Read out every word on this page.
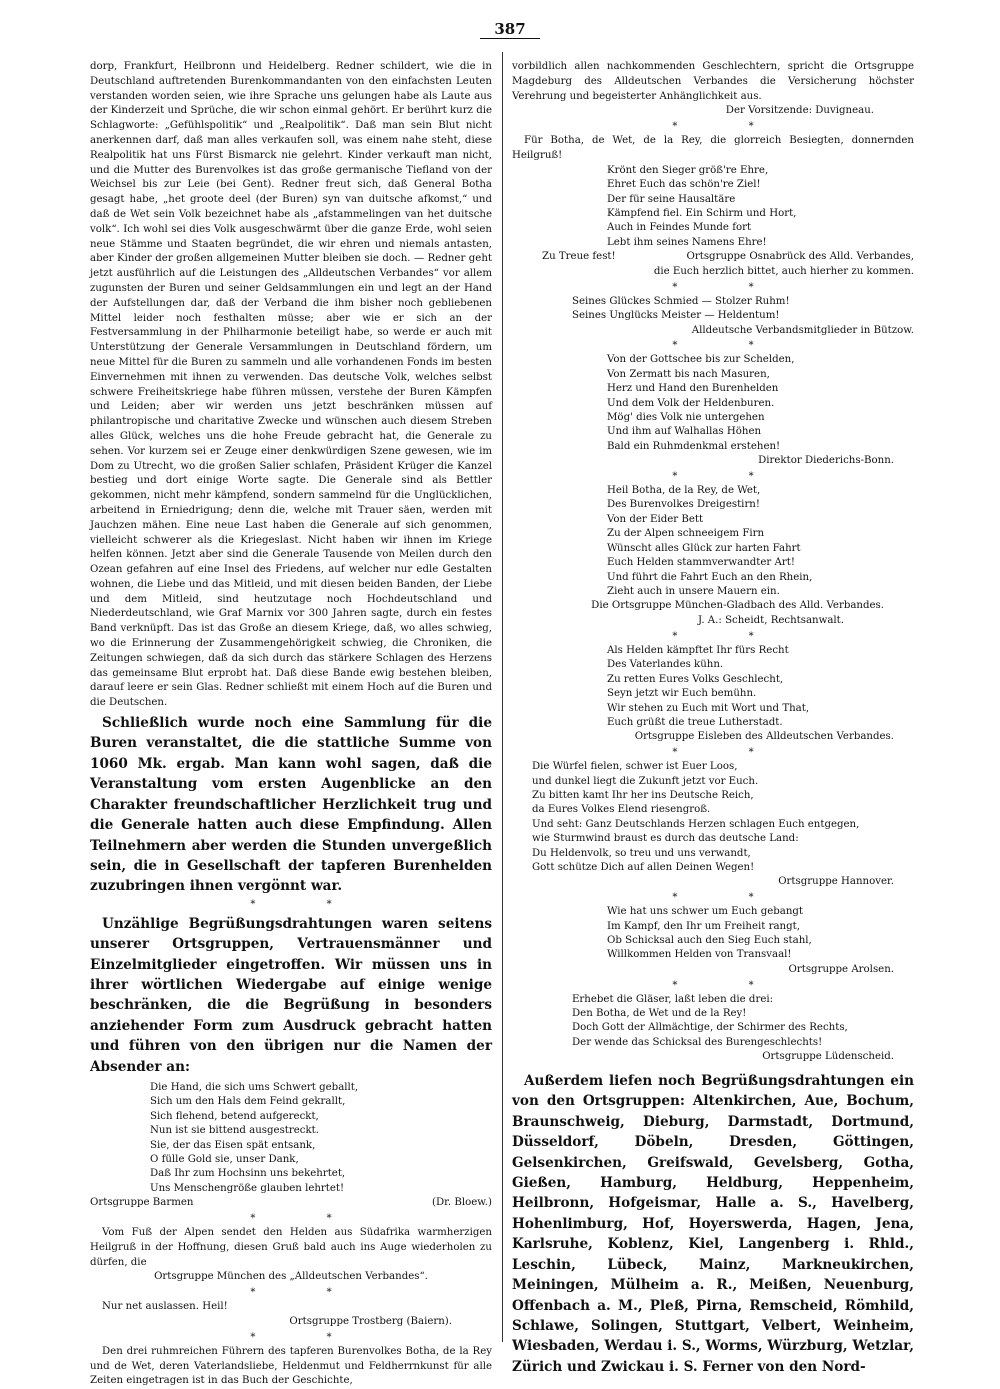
387

dorp, Frankfurt, Heilbronn und Heidelberg. Redner schildert, wie die in Deutschland auftretenden Burenkommandanten von den einfachsten Leuten verstanden worden seien, wie ihre Sprache uns gelungen habe als Laute aus der Kinderzeit und Sprüche, die wir schon einmal gehört. Er berührt kurz die Schlagworte: „Gefühlspolitik“ und „Realpolitik“. Daß man sein Blut nicht anerkennen darf, daß man alles verkaufen soll, was einem nahe steht, diese Realpolitik hat uns Fürst Bismarck nie gelehrt. Kinder verkauft man nicht, und die Mutter des Burenvolkes ist das große germanische Tiefland von der Weichsel bis zur Leie (bei Gent). Redner freut sich, daß General Botha gesagt habe, „het groote deel (der Buren) syn van duitsche afkomst,“ und daß de Wet sein Volk bezeichnet habe als „afstammelingen van het duitsche volk“. Ich wohl sei dies Volk ausgeschwärmt über die ganze Erde, wohl seien neue Stämme und Staaten begründet, die wir ehren und niemals antasten, aber Kinder der großen allgemeinen Mutter bleiben sie doch. — Redner geht jetzt ausführlich auf die Leistungen des „Alldeutschen Verbandes“ vor allem zugunsten der Buren und seiner Geldsammlungen ein und legt an der Hand der Aufstellungen dar, daß der Verband die ihm bisher noch gebliebenen Mittel leider noch festhalten müsse; aber wie er sich an der Festversammlung in der Philharmonie beteiligt habe, so werde er auch mit Unterstützung der Generale Versammlungen in Deutschland fördern, um neue Mittel für die Buren zu sammeln und alle vorhandenen Fonds im besten Einvernehmen mit ihnen zu verwenden. Das deutsche Volk, welches selbst schwere Freiheitskriege habe führen müssen, verstehe der Buren Kämpfen und Leiden; aber wir werden uns jetzt beschränken müssen auf philantropische und charitative Zwecke und wünschen auch diesem Streben alles Glück, welches uns die hohe Freude gebracht hat, die Generale zu sehen. Vor kurzem sei er Zeuge einer denkwürdigen Szene gewesen, wie im Dom zu Utrecht, wo die großen Salier schlafen, Präsident Krüger die Kanzel bestieg und dort einige Worte sagte. Die Generale sind als Bettler gekommen, nicht mehr kämpfend, sondern sammelnd für die Unglücklichen, arbeitend in Erniedrigung; denn die, welche mit Trauer säen, werden mit Jauchzen mähen. Eine neue Last haben die Generale auf sich genommen, vielleicht schwerer als die Kriegeslast. Nicht haben wir ihnen im Kriege helfen können. Jetzt aber sind die Generale Tausende von Meilen durch den Ozean gefahren auf eine Insel des Friedens, auf welcher nur edle Gestalten wohnen, die Liebe und das Mitleid, und mit diesen beiden Banden, der Liebe und dem Mitleid, sind heutzutage noch Hochdeutschland und Niederdeutschland, wie Graf Marnix vor 300 Jahren sagte, durch ein festes Band verknüpft. Das ist das Große an diesem Kriege, daß, wo alles schwieg, wo die Erinnerung der Zusammengehörigkeit schwieg, die Chroniken, die Zeitungen schwiegen, daß da sich durch das stärkere Schlagen des Herzens das gemeinsame Blut erprobt hat. Daß diese Bande ewig bestehen bleiben, darauf leere er sein Glas. Redner schließt mit einem Hoch auf die Buren und die Deutschen.

Schließlich wurde noch eine Sammlung für die Buren veranstaltet, die die stattliche Summe von 1060 Mk. ergab. Man kann wohl sagen, daß die Veranstaltung vom ersten Augenblicke an den Charakter freundschaftlicher Herzlichkeit trug und die Generale hatten auch diese Empfindung. Allen Teilnehmern aber werden die Stunden unvergeßlich sein, die in Gesellschaft der tapferen Burenhelden zuzubringen ihnen vergönnt war.

* *

Unzählige Begrüßungsdrahtungen waren seitens unserer Ortsgruppen, Vertrauensmänner und Einzelmitglieder eingetroffen. Wir müssen uns in ihrer wörtlichen Wiedergabe auf einige wenige beschränken, die die Begrüßung in besonders anziehender Form zum Ausdruck gebracht hatten und führen von den übrigen nur die Namen der Absender an:

Die Hand, die sich ums Schwert geballt,
Sich um den Hals dem Feind gekrallt,
Sich flehend, betend aufgereckt,
Nun ist sie bittend ausgestreckt.
Sie, der das Eisen spät entsank,
O fülle Gold sie, unser Dank,
Daß Ihr zum Hochsinn uns bekehrtet,
Uns Menschengröße glauben lehrtet!
Ortsgruppe Barmen	(Dr. Bloew.)
* *

Vom Fuß der Alpen sendet den Helden aus Südafrika warmherzigen Heilgruß in der Hoffnung, diesen Gruß bald auch ins Auge wiederholen zu dürfen, die

Ortsgruppe München des „Alldeutschen Verbandes“.
* *

Nur net auslassen. Heil!

Ortsgruppe Trostberg (Baiern).
* *

Den drei ruhmreichen Führern des tapferen Burenvolkes Botha, de la Rey und de Wet, deren Vaterlandsliebe, Heldenmut und Feldherrnkunst für alle Zeiten eingetragen ist in das Buch der Geschichte,

vorbildlich allen nachkommenden Geschlechtern, spricht die Ortsgruppe Magdeburg des Alldeutschen Verbandes die Versicherung höchster Verehrung und begeisterter Anhänglichkeit aus.

Der Vorsitzende: Duvigneau.
* *

Für Botha, de Wet, de la Rey, die glorreich Besiegten, donnernden Heilgruß!

Krönt den Sieger größ're Ehre,
Ehret Euch das schön're Ziel!
Der für seine Hausaltäre
Kämpfend fiel. Ein Schirm und Hort,
Auch in Feindes Munde fort
Lebt ihm seines Namens Ehre!
Zu Treue fest!	Ortsgruppe Osnabrück des Alld. Verbandes,
die Euch herzlich bittet, auch hierher zu kommen.
* *
Seines Glückes Schmied — Stolzer Ruhm!
Seines Unglücks Meister — Heldentum!
Alldeutsche Verbandsmitglieder in Bützow.
* *
Von der Gottschee bis zur Schelden,
Von Zermatt bis nach Masuren,
Herz und Hand den Burenhelden
Und dem Volk der Heldenburen.
Mög' dies Volk nie untergehen
Und ihm auf Walhallas Höhen
Bald ein Ruhmdenkmal erstehen!
Direktor Diederichs-Bonn.
* *
Heil Botha, de la Rey, de Wet,
Des Burenvolkes Dreigestirn!
Von der Eider Bett
Zu der Alpen schneeigem Firn
Wünscht alles Glück zur harten Fahrt
Euch Helden stammverwandter Art!
Und führt die Fahrt Euch an den Rhein,
Zieht auch in unsere Mauern ein.
Die Ortsgruppe München-Gladbach des Alld. Verbandes.
J. A.: Scheidt, Rechtsanwalt.
* *
Als Helden kämpftet Ihr fürs Recht
Des Vaterlandes kühn.
Zu retten Eures Volks Geschlecht,
Seyn jetzt wir Euch bemühn.
Wir stehen zu Euch mit Wort und That,
Euch grüßt die treue Lutherstadt.
Ortsgruppe Eisleben des Alldeutschen Verbandes.
* *
Die Würfel fielen, schwer ist Euer Loos,
und dunkel liegt die Zukunft jetzt vor Euch.
Zu bitten kamt Ihr her ins Deutsche Reich,
da Eures Volkes Elend riesengroß.
Und seht: Ganz Deutschlands Herzen schlagen Euch entgegen,
wie Sturmwind braust es durch das deutsche Land:
Du Heldenvolk, so treu und uns verwandt,
Gott schütze Dich auf allen Deinen Wegen!
Ortsgruppe Hannover.
* *
Wie hat uns schwer um Euch gebangt
Im Kampf, den Ihr um Freiheit rangt,
Ob Schicksal auch den Sieg Euch stahl,
Willkommen Helden von Transvaal!
Ortsgruppe Arolsen.
* *
Erhebet die Gläser, laßt leben die drei:
Den Botha, de Wet und de la Rey!
Doch Gott der Allmächtige, der Schirmer des Rechts,
Der wende das Schicksal des Burengeschlechts!
Ortsgruppe Lüdenscheid.

Außerdem liefen noch Begrüßungsdrahtungen ein von den Ortsgruppen: Altenkirchen, Aue, Bochum, Braunschweig, Dieburg, Darmstadt, Dortmund, Düsseldorf, Döbeln, Dresden, Göttingen, Gelsenkirchen, Greifswald, Gevelsberg, Gotha, Gießen, Hamburg, Heldburg, Heppenheim, Heilbronn, Hofgeismar, Halle a. S., Havelberg, Hohenlimburg, Hof, Hoyerswerda, Hagen, Jena, Karlsruhe, Koblenz, Kiel, Langenberg i. Rhld., Leschin, Lübeck, Mainz, Markneukirchen, Meiningen, Mülheim a. R., Meißen, Neuenburg, Offenbach a. M., Pleß, Pirna, Remscheid, Römhild, Schlawe, Solingen, Stuttgart, Velbert, Weinheim, Wiesbaden, Werdau i. S., Worms, Würzburg, Wetzlar, Zürich und Zwickau i. S. Ferner von den Nord-
